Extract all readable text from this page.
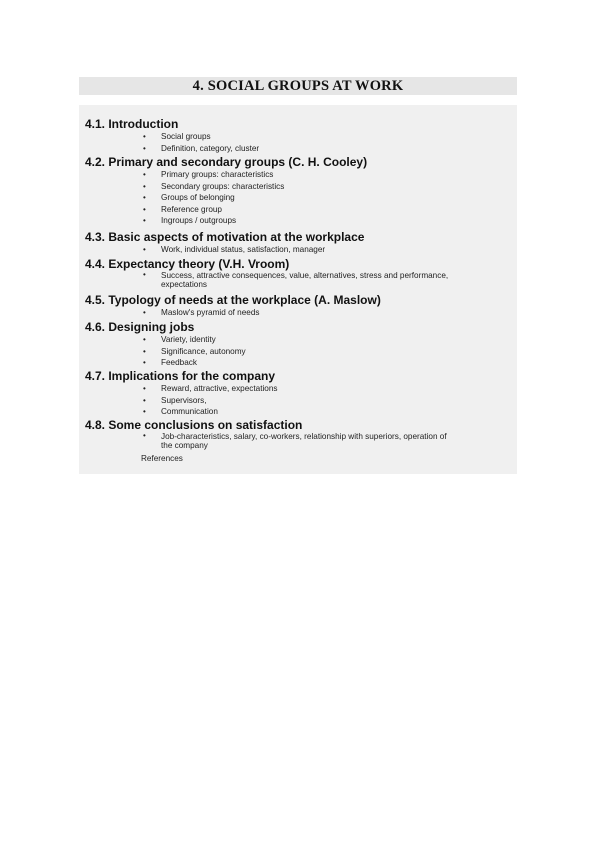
4. SOCIAL GROUPS AT WORK
4.1. Introduction
• Social groups
• Definition, category, cluster
4.2. Primary and secondary groups (C. H. Cooley)
• Primary groups: characteristics
• Secondary groups: characteristics
• Groups of belonging
• Reference group
• Ingroups / outgroups
4.3. Basic aspects of motivation at the workplace
• Work, individual status, satisfaction, manager
4.4. Expectancy theory (V.H. Vroom)
• Success, attractive consequences, value, alternatives, stress and performance, expectations
4.5. Typology of needs at the workplace (A. Maslow)
• Maslow's pyramid of needs
4.6. Designing jobs
• Variety, identity
• Significance, autonomy
• Feedback
4.7. Implications for the company
• Reward, attractive, expectations
• Supervisors,
• Communication
4.8. Some conclusions on satisfaction
• Job-characteristics, salary, co-workers, relationship with superiors, operation of the company
References
